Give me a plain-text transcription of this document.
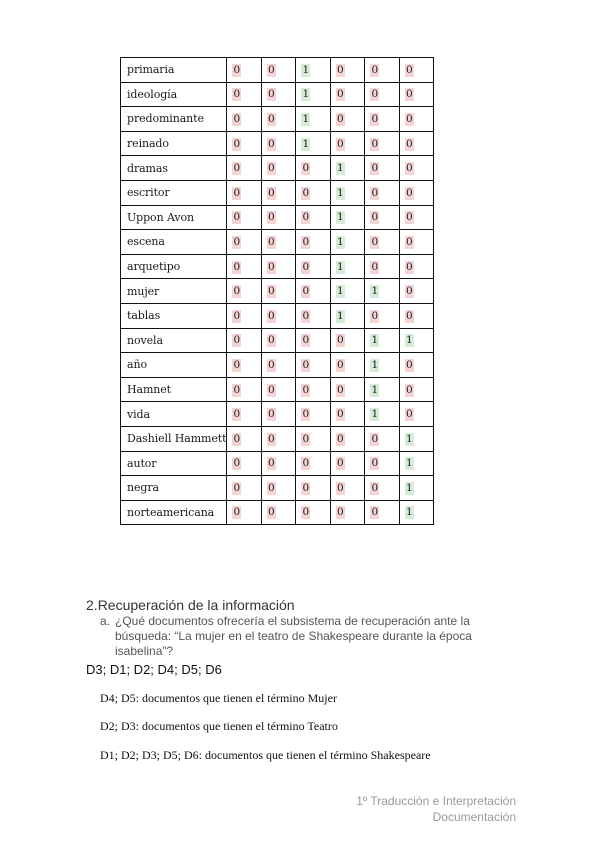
primaria	0	0	1	0	0	0
ideología	0	0	1	0	0	0
predominante	0	0	1	0	0	0
reinado	0	0	1	0	0	0
dramas	0	0	0	1	0	0
escritor	0	0	0	1	0	0
Uppon Avon	0	0	0	1	0	0
escena	0	0	0	1	0	0
arquetipo	0	0	0	1	0	0
mujer	0	0	0	1	1	0
tablas	0	0	0	1	0	0
novela	0	0	0	0	1	1
año	0	0	0	0	1	0
Hamnet	0	0	0	0	1	0
vida	0	0	0	0	1	0
Dashiell Hammett	0	0	0	0	0	1
autor	0	0	0	0	0	1
negra	0	0	0	0	0	1
norteamericana	0	0	0	0	0	1
2.Recuperación de la información
a. ¿Qué documentos ofrecería el subsistema de recuperación ante la búsqueda: “La mujer en el teatro de Shakespeare durante la época isabelina”?
D3; D1; D2; D4; D5; D6
D4; D5: documentos que tienen el término Mujer
D2; D3: documentos que tienen el término Teatro
D1; D2; D3; D5; D6: documentos que tienen el término Shakespeare
1º Traducción e Interpretación
Documentación
